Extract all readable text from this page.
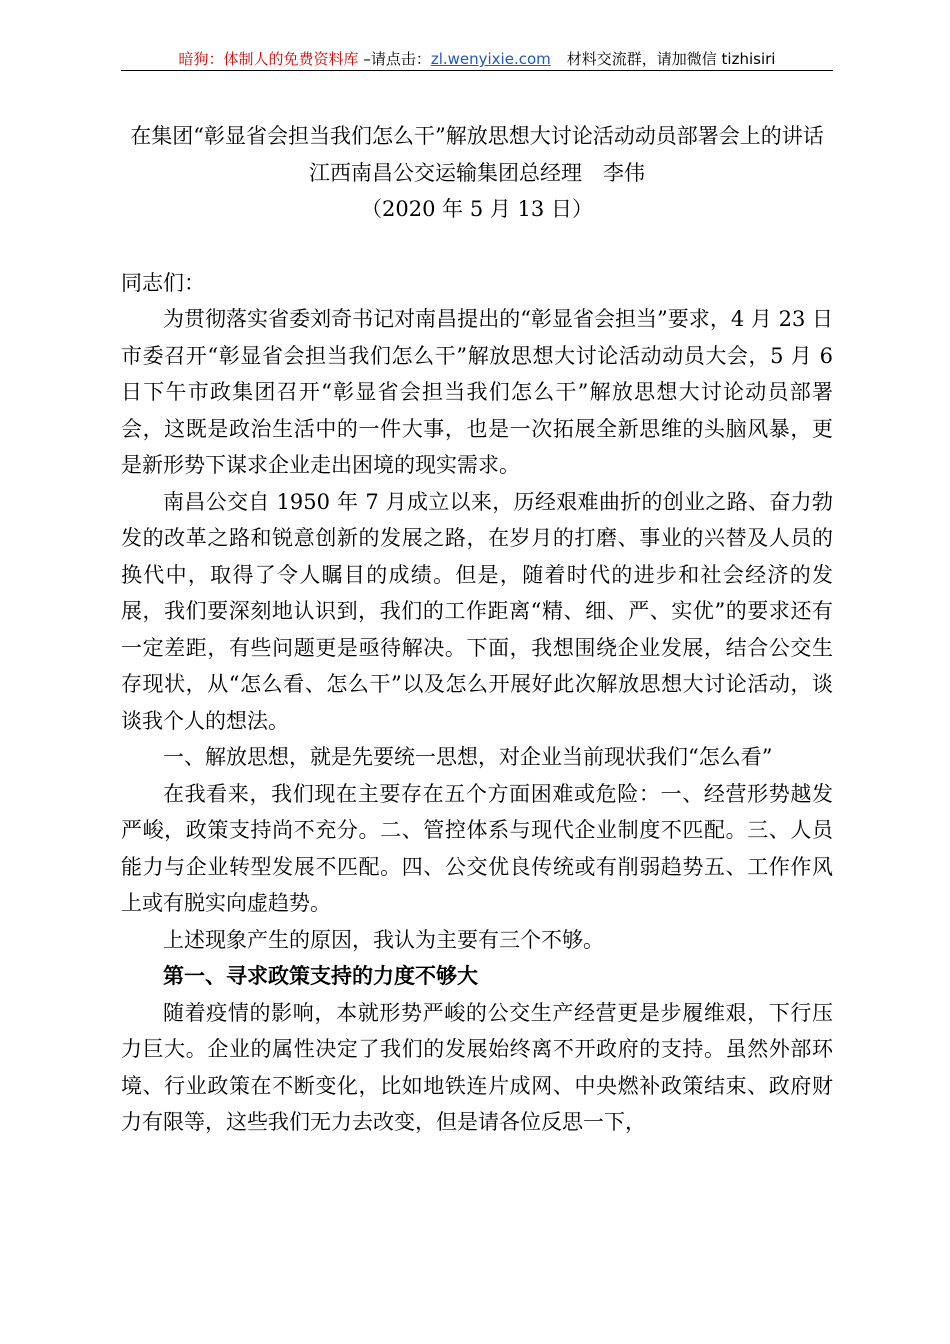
暗狗：体制人的免费资料库 –请点击：zl.wenyixie.com 材料交流群，请加微信 tizhisiri
在集团“彰显省会担当我们怎么干”解放思想大讨论活动动员部署会上的讲话
江西南昌公交运输集团总经理　李伟
（2020 年 5 月 13 日）

同志们：

为贯彻落实省委刘奇书记对南昌提出的“彰显省会担当”要求，4 月 23 日市委召开“彰显省会担当我们怎么干”解放思想大讨论活动动员大会，5 月 6 日下午市政集团召开“彰显省会担当我们怎么干”解放思想大讨论动员部署会，这既是政治生活中的一件大事，也是一次拓展全新思维的头脑风暴，更是新形势下谋求企业走出困境的现实需求。

南昌公交自 1950 年 7 月成立以来，历经艰难曲折的创业之路、奋力勃发的改革之路和锐意创新的发展之路，在岁月的打磨、事业的兴替及人员的换代中，取得了令人瞩目的成绩。但是，随着时代的进步和社会经济的发展，我们要深刻地认识到，我们的工作距离“精、细、严、实优”的要求还有一定差距，有些问题更是亟待解决。下面，我想围绕企业发展，结合公交生存现状，从“怎么看、怎么干”以及怎么开展好此次解放思想大讨论活动，谈谈我个人的想法。

一、解放思想，就是先要统一思想，对企业当前现状我们“怎么看”

在我看来，我们现在主要存在五个方面困难或危险：一、经营形势越发严峻，政策支持尚不充分。二、管控体系与现代企业制度不匹配。三、人员能力与企业转型发展不匹配。四、公交优良传统或有削弱趋势五、工作作风上或有脱实向虚趋势。

上述现象产生的原因，我认为主要有三个不够。

第一、寻求政策支持的力度不够大

随着疫情的影响，本就形势严峻的公交生产经营更是步履维艰，下行压力巨大。企业的属性决定了我们的发展始终离不开政府的支持。虽然外部环境、行业政策在不断变化，比如地铁连片成网、中央燃补政策结束、政府财力有限等，这些我们无力去改变，但是请各位反思一下，
